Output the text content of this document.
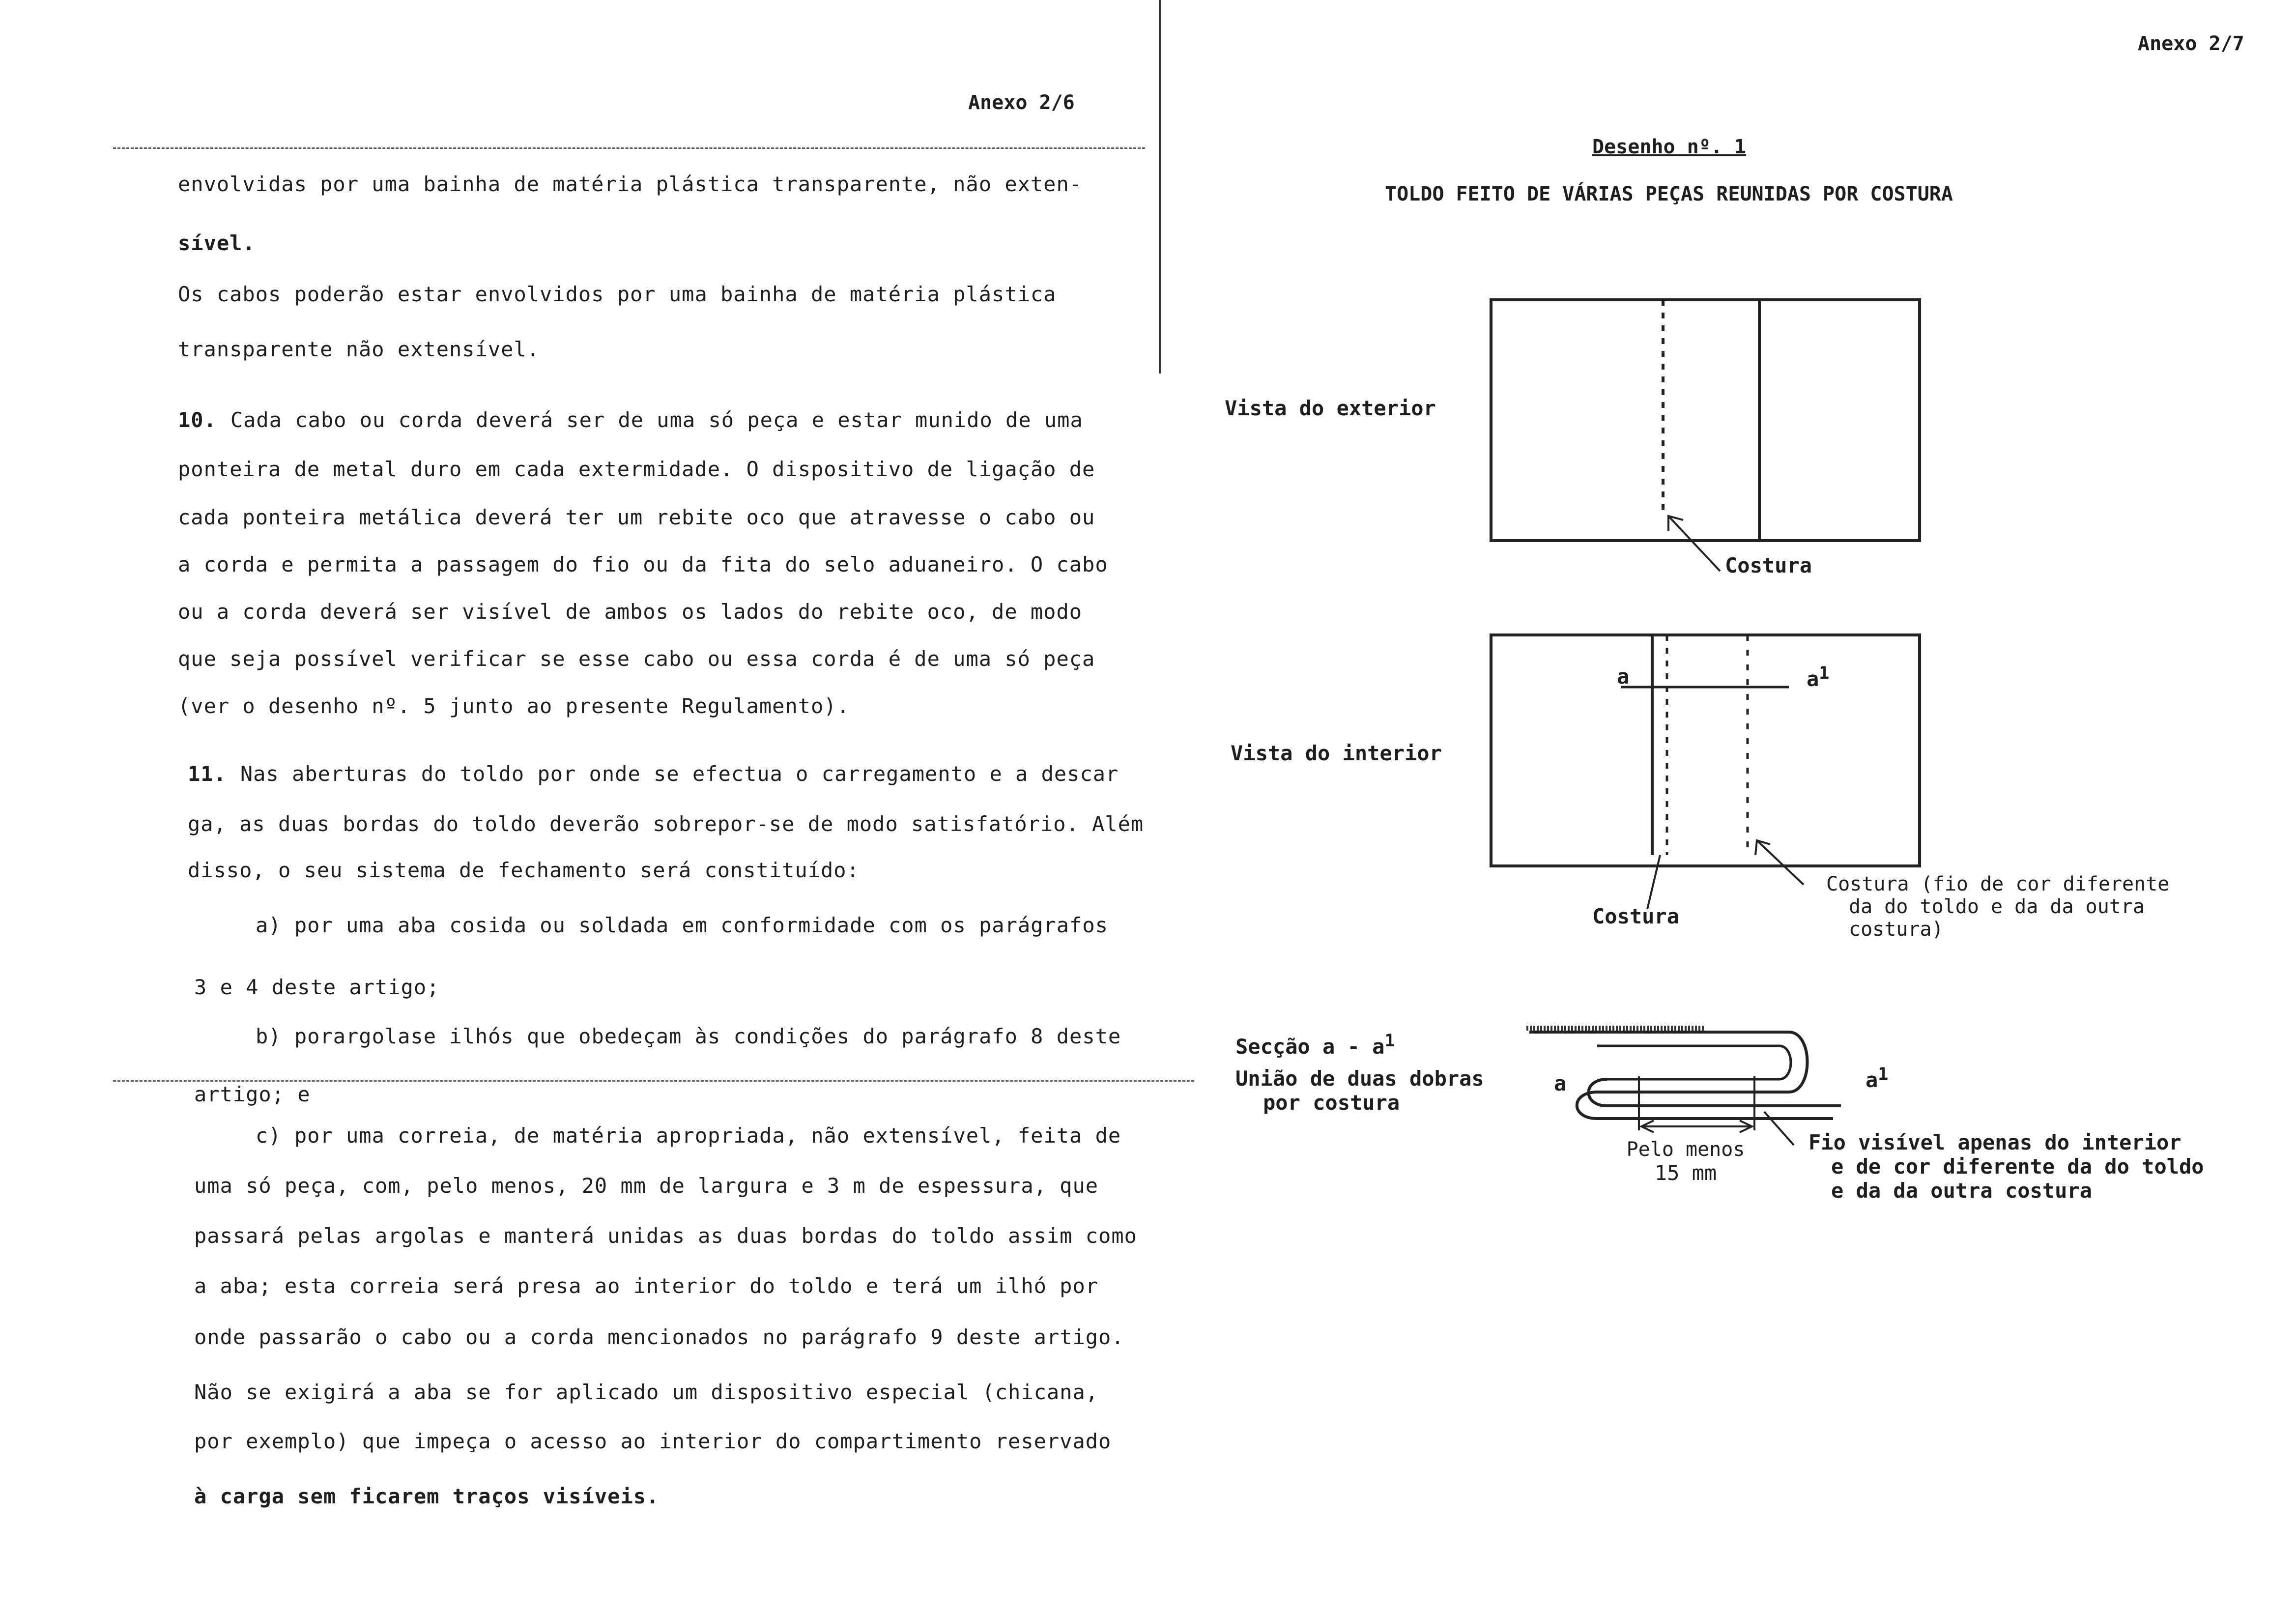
Anexo 2/6
envolvidas por uma bainha de matéria plástica transparente, não exten-
sível.
Os cabos poderão estar envolvidos por uma bainha de matéria plástica
transparente não extensível.
10. Cada cabo ou corda deverá ser de uma só peça e estar munido de uma
ponteira de metal duro em cada extermidade. O dispositivo de ligação de
cada ponteira metálica deverá ter um rebite oco que atravesse o cabo ou
a corda e permita a passagem do fio ou da fita do selo aduaneiro. O cabo
ou a corda deverá ser visível de ambos os lados do rebite oco, de modo
que seja possível verificar se esse cabo ou essa corda é de uma só peça
(ver o desenho nº. 5 junto ao presente Regulamento).
11. Nas aberturas do toldo por onde se efectua o carregamento e a descar
ga, as duas bordas do toldo deverão sobrepor-se de modo satisfatório. Além
disso, o seu sistema de fechamento será constituído:
a) por uma aba cosida ou soldada em conformidade com os parágrafos
3 e 4 deste artigo;
b) porargolase ilhós que obedeçam às condições do parágrafo 8 deste
artigo; e
c) por uma correia, de matéria apropriada, não extensível, feita de
uma só peça, com, pelo menos, 20 mm de largura e 3 m de espessura, que
passará pelas argolas e manterá unidas as duas bordas do toldo assim como
a aba; esta correia será presa ao interior do toldo e terá um ilhó por
onde passarão o cabo ou a corda mencionados no parágrafo 9 deste artigo.
Não se exigirá a aba se for aplicado um dispositivo especial (chicana,
por exemplo) que impeça o acesso ao interior do compartimento reservado
à carga sem ficarem traços visíveis.
Anexo 2/7
Desenho nº. 1
TOLDO FEITO DE VÁRIAS PEÇAS REUNIDAS POR COSTURA
Vista do exterior
Costura
Vista do interior
a	$a^1$
Costura
Costura (fio de cor diferente
da do toldo e da da outra
costura)
Secção a - $a^1$
União de duas dobras
por costura
a	$a^1$
Pelo menos
15 mm
Fio visível apenas do interior
e de cor diferente da do toldo
e da da outra costura
